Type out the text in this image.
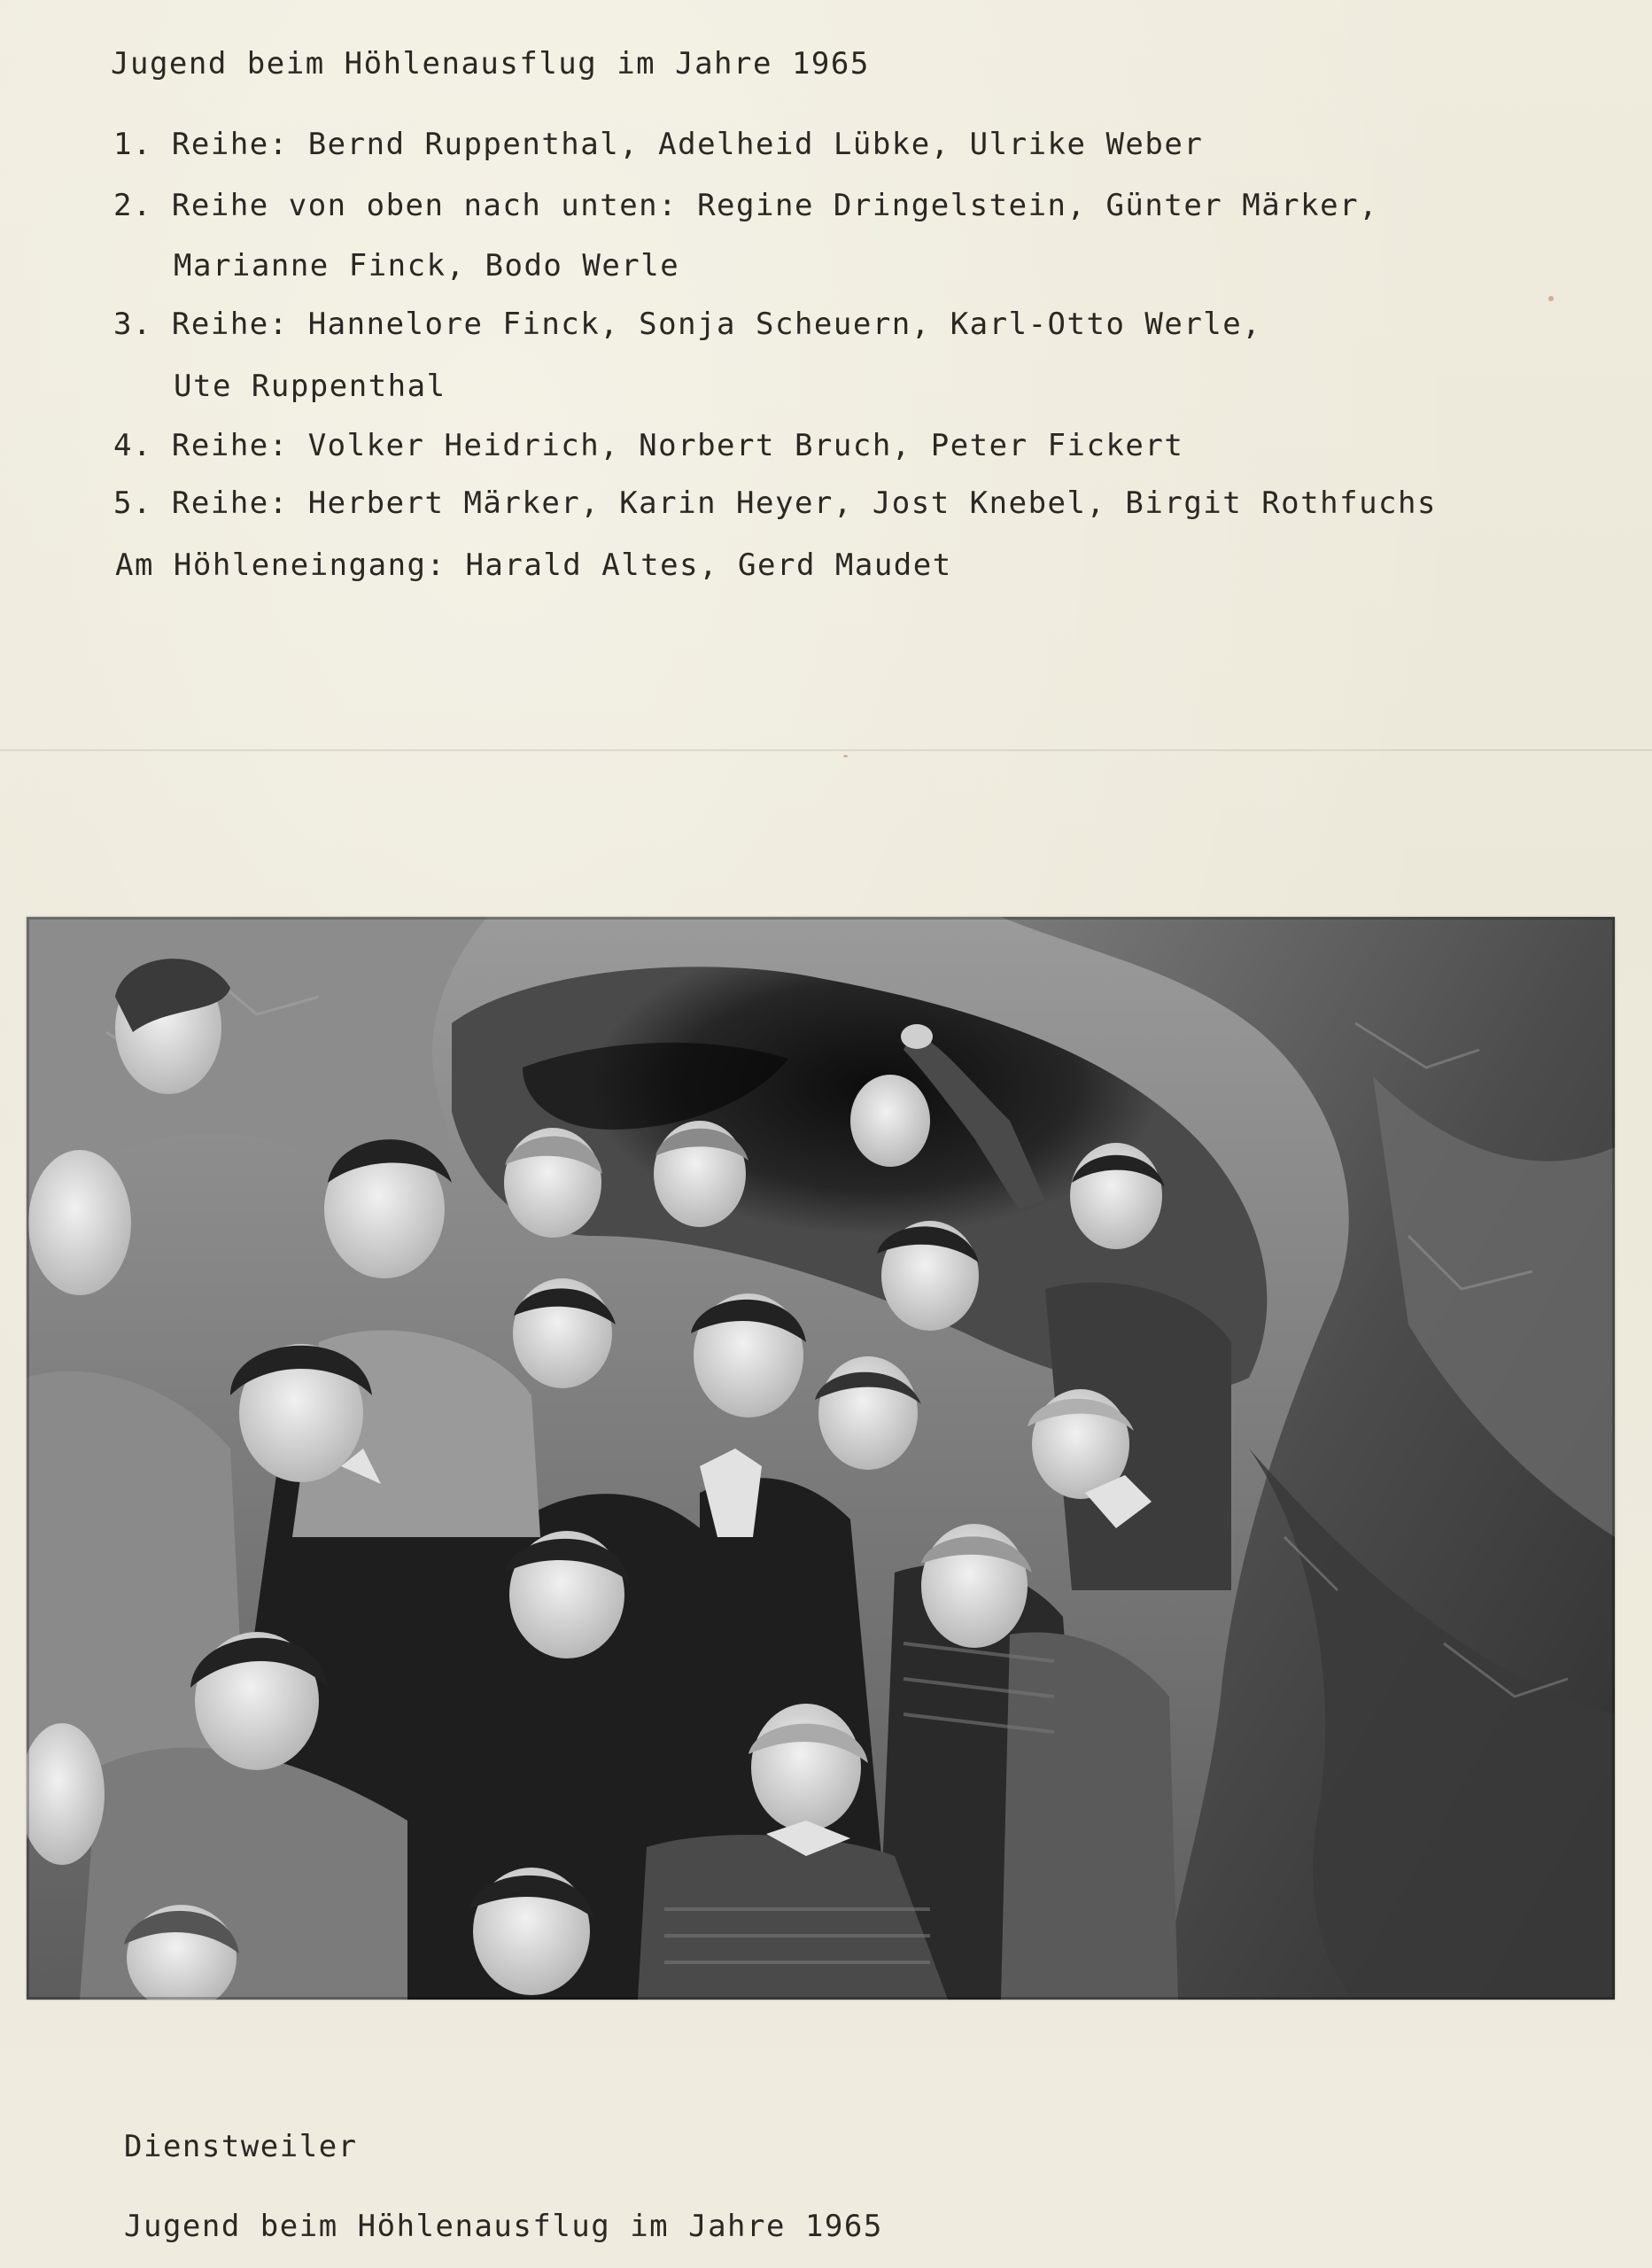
Jugend beim Höhlenausflug im Jahre 1965
1. Reihe: Bernd Ruppenthal, Adelheid Lübke, Ulrike Weber
2. Reihe von oben nach unten: Regine Dringelstein, Günter Märker,
Marianne Finck, Bodo Werle
3. Reihe: Hannelore Finck, Sonja Scheuern, Karl-Otto Werle,
Ute Ruppenthal
4. Reihe: Volker Heidrich, Norbert Bruch, Peter Fickert
5. Reihe: Herbert Märker, Karin Heyer, Jost Knebel, Birgit Rothfuchs
Am Höhleneingang: Harald Altes, Gerd Maudet
Dienstweiler
Jugend beim Höhlenausflug im Jahre 1965
